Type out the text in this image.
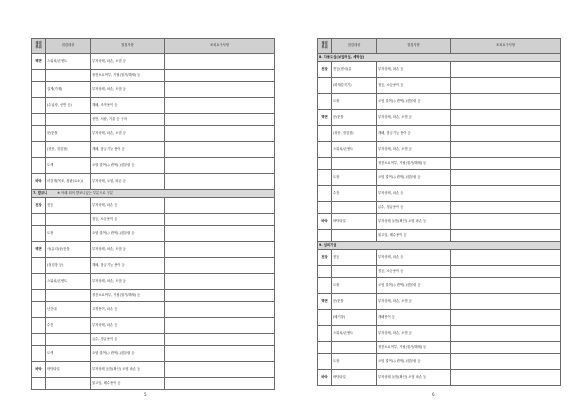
점검
부위	점검대상	점검사항	조치요구사항
벽면	스위치/콘센트	부착상태, 파손, 오염 등	
		정전소요여부, 기립(철거/해체) 등	
	걸게(가재)	부착상태, 파손, 오염 등	
	(수납장, 선반 등)	개폐, 조작용이 등	
		선반, 서랍, 거울 등 구착	
	문/문틀	부착상태, 파손, 오염 등	
	(창문, 점검창)	개폐, 잠금기능 용이 등	
	도색	오염 결여(-) 변색(-)점블링 등	
바닥	마감재(목조, 장판(요소))	부착상태, 오염, 파손 등	
7. 발코니 ※ 아래 되어 발코니있는 부분으로 구분			
천장	전등	부착상태, 파손 등	
		점등, 소등용이 등	
	도장	오염 결여(-) 변색(-)점블링 등	
벽면	사(유리)문/문틀	부착상태, 파손, 오염 등	
	(점검창 등)	개폐, 잠금기능 용이 등	
	스위치/콘센트	부착상태, 파손, 오염 등	
		정전소요여부, 기립(철거/해체) 등	
	난간대	고정용이, 파손 등	
	수전	부착상태, 파손 등	
		급수, 정급용이 등	
	도색	오염 결여(-) 변색(-)점블링 등	
바닥	바닥타일	부착상태 들뜸(확인) 오염 파손 등	
		물고임, 배수용이 등	
점검
부위	점검대상	점검사항	조치요구사항
8. 다용도실(보일러실, 세탁실)			
천장	전등(센서)류	부착상태, 파손 등	
	(화재감지기)	점등, 소등용이 등	
	도장	오염 결여(-) 변색(-)점블링 등	
벽면	문/문틀	부착상태, 파손, 오염 등	
	(창문, 점검창)	개폐, 잠금기능 용이 등	
	스위치/콘센트	부착상태, 파손, 오염 등	
		정전소요여부, 기립(철거/해체) 등	
	도장	오염 결여(-) 변색(-)점블링 등	
	수전	부착상태, 파손 등	
		급수, 정급용이 등	
바닥	바닥타일	부착상태 들뜸(확인) 오염 파손 등	
		물고임, 배수용이 등	
9. 실외기실			
천장	전등	부착상태, 파손 등	
		점등, 소등용이 등	
	도장	오염 결여(-) 변색(-)점블링 등	
벽면	문/문틀	부착상태, 파손, 오염 등	
	(배기창)	개폐용이 등	
	스위치/콘센트	부착상태, 파손, 오염 등	
		정전소요여부, 기립(철거/해체) 등	
	도장	오염 결여(-) 변색(-)점블링 등	
바닥	바닥타일	부착상태 들뜸(확인) 오염 파손 등	
5	6
